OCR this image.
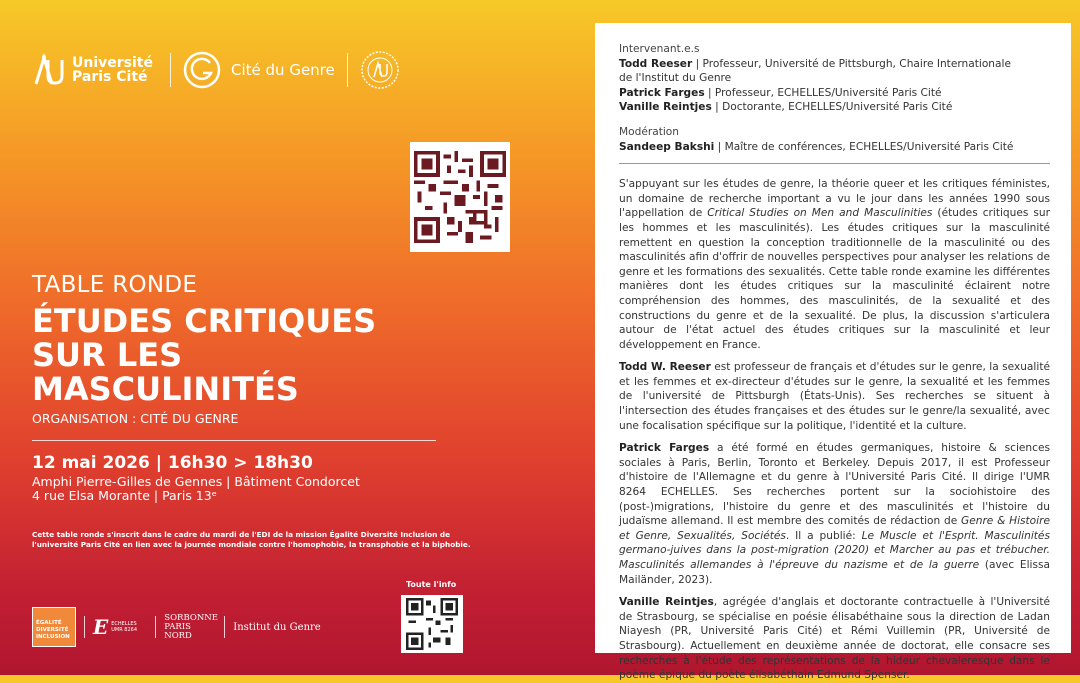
Université Paris Cité	Cité du Genre
TABLE RONDE
ÉTUDES CRITIQUES
SUR LES
MASCULINITÉS
ORGANISATION : CITÉ DU GENRE
12 mai 2026 | 16h30 > 18h30
Amphi Pierre-Gilles de Gennes | Bâtiment Condorcet
4 rue Elsa Morante | Paris 13ᵉ
Cette table ronde s'inscrit dans le cadre du mardi de l'EDI de la mission Égalité Diversité Inclusion de l'université Paris Cité en lien avec la journée mondiale contre l'homophobie, la transphobie et la biphobie.
Toute l'info
ÉGALITÉ DIVERSITÉ INCLUSION	E ECHELLES UMR 8264
SORBONNE PARIS NORD
Institut du Genre
Intervenant.e.s
Todd Reeser | Professeur, Université de Pittsburgh, Chaire Internationale de l'Institut du Genre
Patrick Farges | Professeur, ECHELLES/Université Paris Cité
Vanille Reintjes | Doctorante, ECHELLES/Université Paris Cité
Modération
Sandeep Bakshi | Maître de conférences, ECHELLES/Université Paris Cité

S'appuyant sur les études de genre, la théorie queer et les critiques féministes, un domaine de recherche important a vu le jour dans les années 1990 sous l'appellation de Critical Studies on Men and Masculinities (études critiques sur les hommes et les masculinités). Les études critiques sur la masculinité remettent en question la conception traditionnelle de la masculinité ou des masculinités afin d'offrir de nouvelles perspectives pour analyser les relations de genre et les formations des sexualités. Cette table ronde examine les différentes manières dont les études critiques sur la masculinité éclairent notre compréhension des hommes, des masculinités, de la sexualité et des constructions du genre et de la sexualité. De plus, la discussion s'articulera autour de l'état actuel des études critiques sur la masculinité et leur développement en France.

Todd W. Reeser est professeur de français et d'études sur le genre, la sexualité et les femmes et ex-directeur d'études sur le genre, la sexualité et les femmes de l'université de Pittsburgh (États-Unis). Ses recherches se situent à l'intersection des études françaises et des études sur le genre/la sexualité, avec une focalisation spécifique sur la politique, l'identité et la culture.

Patrick Farges a été formé en études germaniques, histoire & sciences sociales à Paris, Berlin, Toronto et Berkeley. Depuis 2017, il est Professeur d'histoire de l'Allemagne et du genre à l'Université Paris Cité. Il dirige l'UMR 8264 ECHELLES. Ses recherches portent sur la sociohistoire des (post-)migrations, l'histoire du genre et des masculinités et l'histoire du judaïsme allemand. Il est membre des comités de rédaction de Genre & Histoire et Genre, Sexualités, Sociétés. Il a publié: Le Muscle et l'Esprit. Masculinités germano-juives dans la post-migration (2020) et Marcher au pas et trébucher. Masculinités allemandes à l'épreuve du nazisme et de la guerre (avec Elissa Mailänder, 2023).

Vanille Reintjes, agrégée d'anglais et doctorante contractuelle à l'Université de Strasbourg, se spécialise en poésie élisabéthaine sous la direction de Ladan Niayesh (PR, Université Paris Cité) et Rémi Vuillemin (PR, Université de Strasbourg). Actuellement en deuxième année de doctorat, elle consacre ses recherches à l'étude des représentations de la hideur chevaleresque dans le poème épique du poète élisabéthain Edmund Spenser.
